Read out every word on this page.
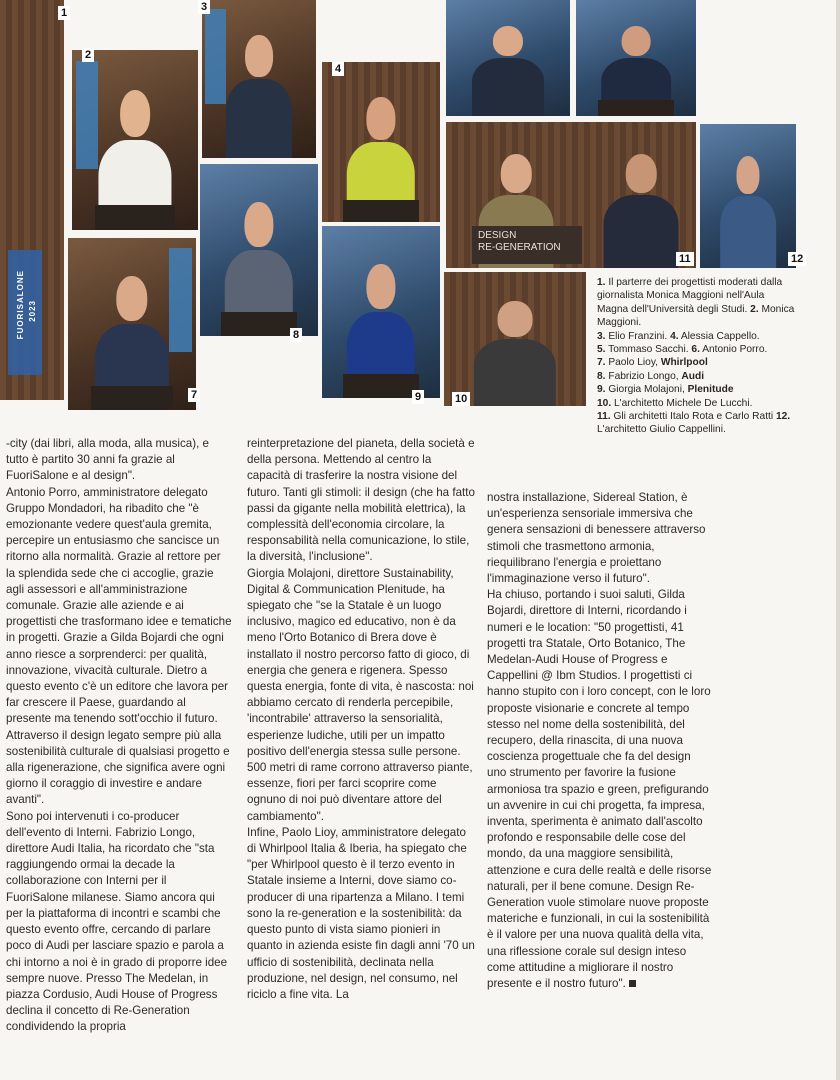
FUORISALONE 2023
1
2
3
4
7
8
9	10
DESIGN
RE-GENERATION
11	12

1. Il parterre dei progettisti moderati dalla giornalista Monica Maggioni nell'Aula Magna dell'Università degli Studi. 2. Monica Maggioni.

3. Elio Franzini. 4. Alessia Cappello.

5. Tommaso Sacchi. 6. Antonio Porro.

7. Paolo Lioy, Whirlpool

8. Fabrizio Longo, Audi

9. Giorgia Molajoni, Plenitude

10. L'architetto Michele De Lucchi.

11. Gli architetti Italo Rota e Carlo Ratti 12. L'architetto Giulio Cappellini.

-city (dai libri, alla moda, alla musica), e tutto è partito 30 anni fa grazie al FuoriSalone e al design".
Antonio Porro, amministratore delegato Gruppo Mondadori, ha ribadito che "è emozionante vedere quest'aula gremita, percepire un entusiasmo che sancisce un ritorno alla normalità. Grazie al rettore per la splendida sede che ci accoglie, grazie agli assessori e all'amministrazione comunale. Grazie alle aziende e ai progettisti che trasformano idee e tematiche in progetti. Grazie a Gilda Bojardi che ogni anno riesce a sorprenderci: per qualità, innovazione, vivacità culturale. Dietro a questo evento c'è un editore che lavora per far crescere il Paese, guardando al presente ma tenendo sott'occhio il futuro. Attraverso il design legato sempre più alla sostenibilità culturale di qualsiasi progetto e alla rigenerazione, che significa avere ogni giorno il coraggio di investire e andare avanti".
Sono poi intervenuti i co-producer dell'evento di Interni. Fabrizio Longo, direttore Audi Italia, ha ricordato che "sta raggiungendo ormai la decade la collaborazione con Interni per il FuoriSalone milanese. Siamo ancora qui per la piattaforma di incontri e scambi che questo evento offre, cercando di parlare poco di Audi per lasciare spazio e parola a chi intorno a noi è in grado di proporre idee sempre nuove. Presso The Medelan, in piazza Cordusio, Audi House of Progress declina il concetto di Re-Generation condividendo la propria
reinterpretazione del pianeta, della società e della persona. Mettendo al centro la capacità di trasferire la nostra visione del futuro. Tanti gli stimoli: il design (che ha fatto passi da gigante nella mobilità elettrica), la complessità dell'economia circolare, la responsabilità nella comunicazione, lo stile, la diversità, l'inclusione".
Giorgia Molajoni, direttore Sustainability, Digital & Communication Plenitude, ha spiegato che "se la Statale è un luogo inclusivo, magico ed educativo, non è da meno l'Orto Botanico di Brera dove è installato il nostro percorso fatto di gioco, di energia che genera e rigenera. Spesso questa energia, fonte di vita, è nascosta: noi abbiamo cercato di renderla percepibile, 'incontrabile' attraverso la sensorialità, esperienze ludiche, utili per un impatto positivo dell'energia stessa sulle persone. 500 metri di rame corrono attraverso piante, essenze, fiori per farci scoprire come ognuno di noi può diventare attore del cambiamento".
Infine, Paolo Lioy, amministratore delegato di Whirlpool Italia & Iberia, ha spiegato che "per Whirlpool questo è il terzo evento in Statale insieme a Interni, dove siamo co-producer di una ripartenza a Milano. I temi sono la re-generation e la sostenibilità: da questo punto di vista siamo pionieri in quanto in azienda esiste fin dagli anni '70 un ufficio di sostenibilità, declinata nella produzione, nel design, nel consumo, nel riciclo a fine vita. La
nostra installazione, Sidereal Station, è un'esperienza sensoriale immersiva che genera sensazioni di benessere attraverso stimoli che trasmettono armonia, riequilibrano l'energia e proiettano l'immaginazione verso il futuro".
Ha chiuso, portando i suoi saluti, Gilda Bojardi, direttore di Interni, ricordando i numeri e le location: "50 progettisti, 41 progetti tra Statale, Orto Botanico, The Medelan-Audi House of Progress e Cappellini @ Ibm Studios. I progettisti ci hanno stupito con i loro concept, con le loro proposte visionarie e concrete al tempo stesso nel nome della sostenibilità, del recupero, della rinascita, di una nuova coscienza progettuale che fa del design uno strumento per favorire la fusione armoniosa tra spazio e green, prefigurando un avvenire in cui chi progetta, fa impresa, inventa, sperimenta è animato dall'ascolto profondo e responsabile delle cose del mondo, da una maggiore sensibilità, attenzione e cura delle realtà e delle risorse naturali, per il bene comune. Design Re-Generation vuole stimolare nuove proposte materiche e funzionali, in cui la sostenibilità è il valore per una nuova qualità della vita, una riflessione corale sul design inteso come attitudine a migliorare il nostro presente e il nostro futuro".
